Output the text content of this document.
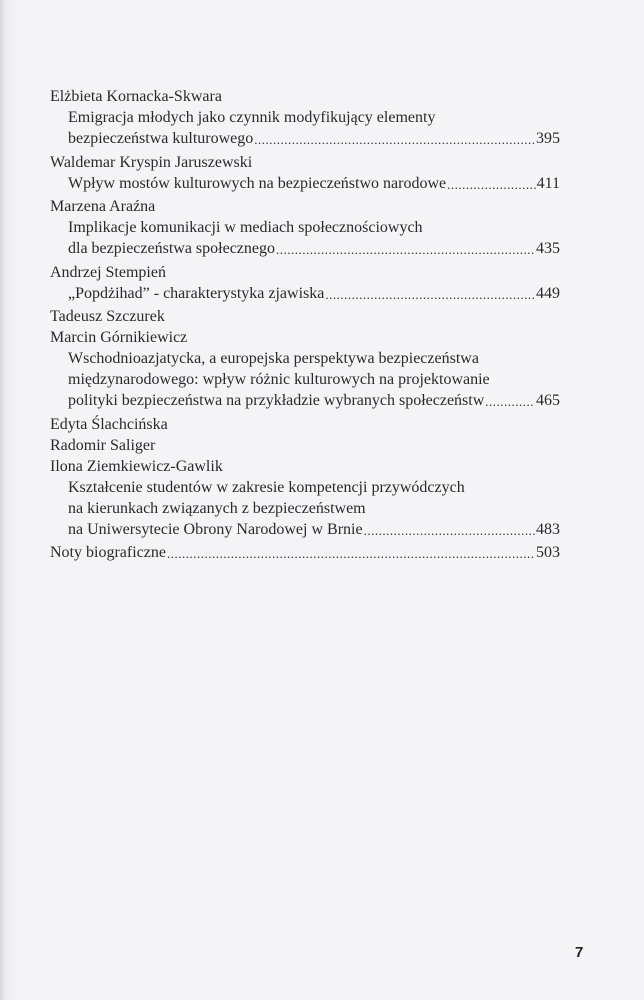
Elżbieta Kornacka-Skwara
Emigracja młodych jako czynnik modyfikujący elementy
bezpieczeństwa kulturowego .....	395
Waldemar Kryspin Jaruszewski
Wpływ mostów kulturowych na bezpieczeństwo narodowe .....	411
Marzena Araźna
Implikacje komunikacji w mediach społecznościowych
dla bezpieczeństwa społecznego .....	435
Andrzej Stempień
„Popdżihad” - charakterystyka zjawiska .....	449
Tadeusz Szczurek
Marcin Górnikiewicz
Wschodnioazjatycka, a europejska perspektywa bezpieczeństwa
międzynarodowego: wpływ różnic kulturowych na projektowanie
polityki bezpieczeństwa na przykładzie wybranych społeczeństw .....	465
Edyta Ślachcińska
Radomir Saliger
Ilona Ziemkiewicz-Gawlik
Kształcenie studentów w zakresie kompetencji przywódczych
na kierunkach związanych z bezpieczeństwem
na Uniwersytecie Obrony Narodowej w Brnie .....	483
Noty biograficzne .....	503
7
